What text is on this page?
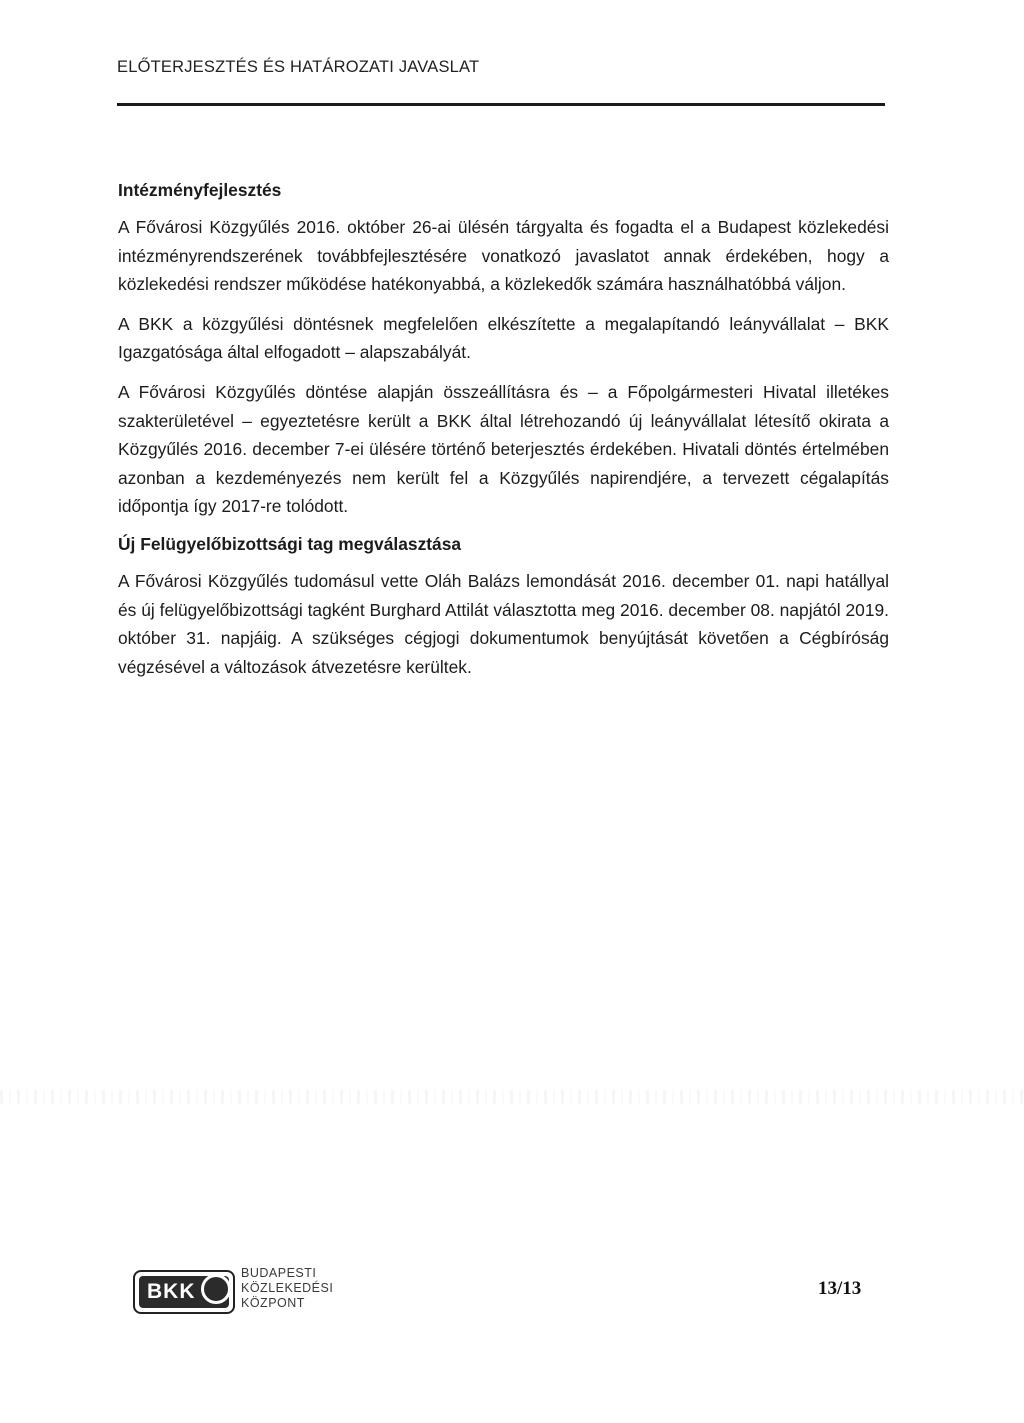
ELŐTERJESZTÉS ÉS HATÁROZATI JAVASLAT
Intézményfejlesztés

A Fővárosi Közgyűlés 2016. október 26-ai ülésén tárgyalta és fogadta el a Budapest közlekedési intézményrendszerének továbbfejlesztésére vonatkozó javaslatot annak érdekében, hogy a közlekedési rendszer működése hatékonyabbá, a közlekedők számára használhatóbbá váljon.

A BKK a közgyűlési döntésnek megfelelően elkészítette a megalapítandó leányvállalat – BKK Igazgatósága által elfogadott – alapszabályát.

A Fővárosi Közgyűlés döntése alapján összeállításra és – a Főpolgármesteri Hivatal illetékes szakterületével – egyeztetésre került a BKK által létrehozandó új leányvállalat létesítő okirata a Közgyűlés 2016. december 7-ei ülésére történő beterjesztés érdekében. Hivatali döntés értelmében azonban a kezdeményezés nem került fel a Közgyűlés napirendjére, a tervezett cégalapítás időpontja így 2017-re tolódott.

Új Felügyelőbizottsági tag megválasztása

A Fővárosi Közgyűlés tudomásul vette Oláh Balázs lemondását 2016. december 01. napi hatállyal és új felügyelőbizottsági tagként Burghard Attilát választotta meg 2016. december 08. napjától 2019. október 31. napjáig. A szükséges cégjogi dokumentumok benyújtását követően a Cégbíróság végzésével a változások átvezetésre kerültek.

BKK
BUDAPESTI
KÖZLEKEDÉSI
KÖZPONT
13/13
